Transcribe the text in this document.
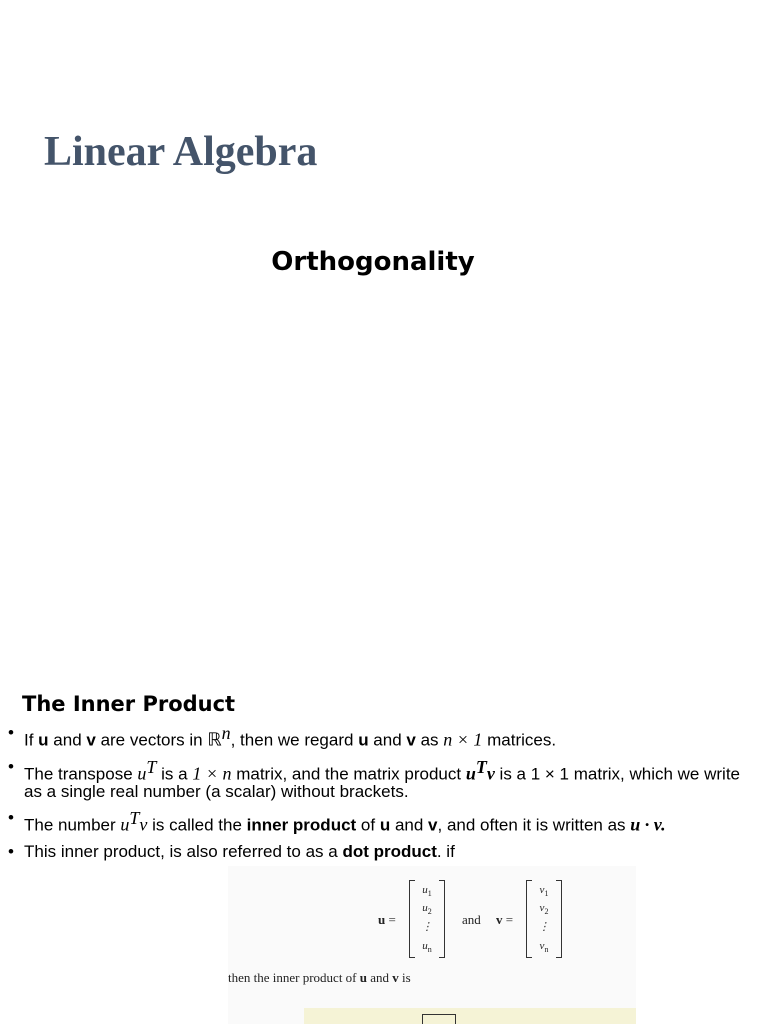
Linear Algebra
Orthogonality
The Inner Product
• If u and v are vectors in ℝ$^n$, then we regard u and v as n × 1 matrices.
• The transpose $u^T$ is a 1 × n matrix, and the matrix product $u^Tv$ is a 1 × 1 matrix, which we write as a single real number (a scalar) without brackets.
• The number $u^Tv$ is called the inner product of u and v, and often it is written as u · v.
• This inner product, is also referred to as a dot product. if
u =
$u_1$
$u_2$
⋮
$u_n$
and v =
$v_1$
$v_2$
⋮
$v_n$
then the inner product of u and v is
